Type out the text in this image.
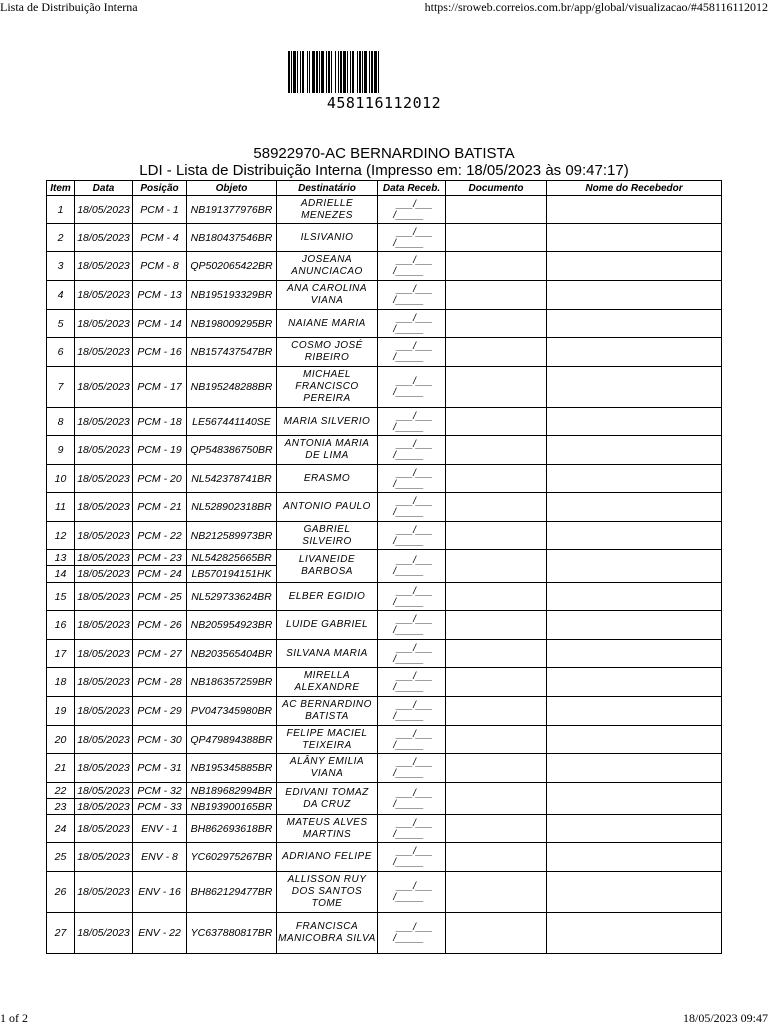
Lista de Distribuição Interna	https://sroweb.correios.com.br/app/global/visualizacao/#458116112012
458116112012
58922970-AC BERNARDINO BATISTA
LDI - Lista de Distribuição Interna (Impresso em: 18/05/2023 às 09:47:17)
Item	Data	Posição	Objeto	Destinatário	Data Receb.	Documento	Nome do Recebedor
1	18/05/2023	PCM - 1	NB191377976BR	ADRIELLE MENEZES	___/___
/_____		

2	18/05/2023	PCM - 4	NB180437546BR	ILSIVANIO	___/___
/_____		

3	18/05/2023	PCM - 8	QP502065422BR	JOSEANA ANUNCIACAO	___/___
/_____		

4	18/05/2023	PCM - 13	NB195193329BR	ANA CAROLINA VIANA	___/___
/_____		

5	18/05/2023	PCM - 14	NB198009295BR	NAIANE MARIA	___/___
/_____		

6	18/05/2023	PCM - 16	NB157437547BR	COSMO JOSÉ RIBEIRO	___/___
/_____		

7	18/05/2023	PCM - 17	NB195248288BR	MICHAEL FRANCISCO PEREIRA	___/___
/_____		

8	18/05/2023	PCM - 18	LE567441140SE	MARIA SILVERIO	___/___
/_____		

9	18/05/2023	PCM - 19	QP548386750BR	ANTONIA MARIA DE LIMA	___/___
/_____		

10	18/05/2023	PCM - 20	NL542378741BR	ERASMO	___/___
/_____		

11	18/05/2023	PCM - 21	NL528902318BR	ANTONIO PAULO	___/___
/_____		

12	18/05/2023	PCM - 22	NB212589973BR	GABRIEL SILVEIRO	___/___
/_____		

13	18/05/2023	PCM - 23	NL542825665BR	LIVANEIDE BARBOSA	___/___
/_____		

14	18/05/2023	PCM - 24	LB570194151HK				
15	18/05/2023	PCM - 25	NL529733624BR	ELBER EGIDIO	___/___
/_____		

16	18/05/2023	PCM - 26	NB205954923BR	LUIDE GABRIEL	___/___
/_____		

17	18/05/2023	PCM - 27	NB203565404BR	SILVANA MARIA	___/___
/_____		

18	18/05/2023	PCM - 28	NB186357259BR	MIRELLA ALEXANDRE	___/___
/_____		

19	18/05/2023	PCM - 29	PV047345980BR	AC BERNARDINO BATISTA	___/___
/_____		

20	18/05/2023	PCM - 30	QP479894388BR	FELIPE MACIEL TEIXEIRA	___/___
/_____		

21	18/05/2023	PCM - 31	NB195345885BR	ALÂNY EMILIA VIANA	___/___
/_____		

22	18/05/2023	PCM - 32	NB189682994BR	EDIVANI TOMAZ DA CRUZ	___/___
/_____		

23	18/05/2023	PCM - 33	NB193900165BR				
24	18/05/2023	ENV - 1	BH862693618BR	MATEUS ALVES MARTINS	___/___
/_____		

25	18/05/2023	ENV - 8	YC602975267BR	ADRIANO FELIPE	___/___
/_____		

26	18/05/2023	ENV - 16	BH862129477BR	ALLISSON RUY DOS SANTOS TOME	___/___
/_____		

27	18/05/2023	ENV - 22	YC637880817BR	FRANCISCA MANICOBRA SILVA	___/___
/_____		

1 of 2	18/05/2023 09:47
